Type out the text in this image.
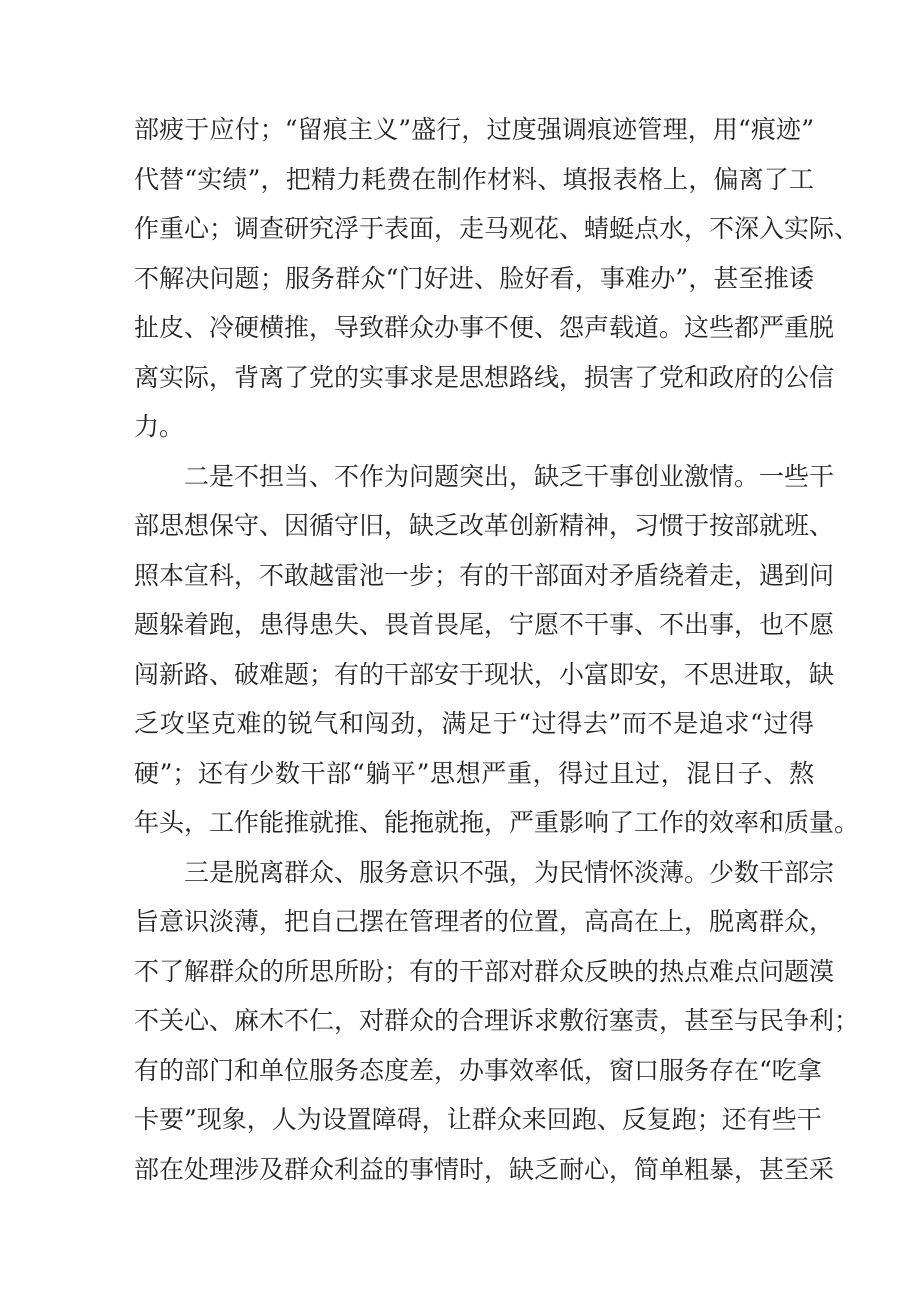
部疲于应付；“留痕主义”盛行，过度强调痕迹管理，用“痕迹”
代替“实绩”，把精力耗费在制作材料、填报表格上，偏离了工
作重心；调查研究浮于表面，走马观花、蜻蜓点水，不深入实际、
不解决问题；服务群众“门好进、脸好看，事难办”，甚至推诿
扯皮、冷硬横推，导致群众办事不便、怨声载道。这些都严重脱
离实际，背离了党的实事求是思想路线，损害了党和政府的公信
力。
二是不担当、不作为问题突出，缺乏干事创业激情。一些干
部思想保守、因循守旧，缺乏改革创新精神，习惯于按部就班、
照本宣科，不敢越雷池一步；有的干部面对矛盾绕着走，遇到问
题躲着跑，患得患失、畏首畏尾，宁愿不干事、不出事，也不愿
闯新路、破难题；有的干部安于现状，小富即安，不思进取，缺
乏攻坚克难的锐气和闯劲，满足于“过得去”而不是追求“过得
硬”；还有少数干部“躺平”思想严重，得过且过，混日子、熬
年头，工作能推就推、能拖就拖，严重影响了工作的效率和质量。
三是脱离群众、服务意识不强，为民情怀淡薄。少数干部宗
旨意识淡薄，把自己摆在管理者的位置，高高在上，脱离群众，
不了解群众的所思所盼；有的干部对群众反映的热点难点问题漠
不关心、麻木不仁，对群众的合理诉求敷衍塞责，甚至与民争利；
有的部门和单位服务态度差，办事效率低，窗口服务存在“吃拿
卡要”现象，人为设置障碍，让群众来回跑、反复跑；还有些干
部在处理涉及群众利益的事情时，缺乏耐心，简单粗暴，甚至采
